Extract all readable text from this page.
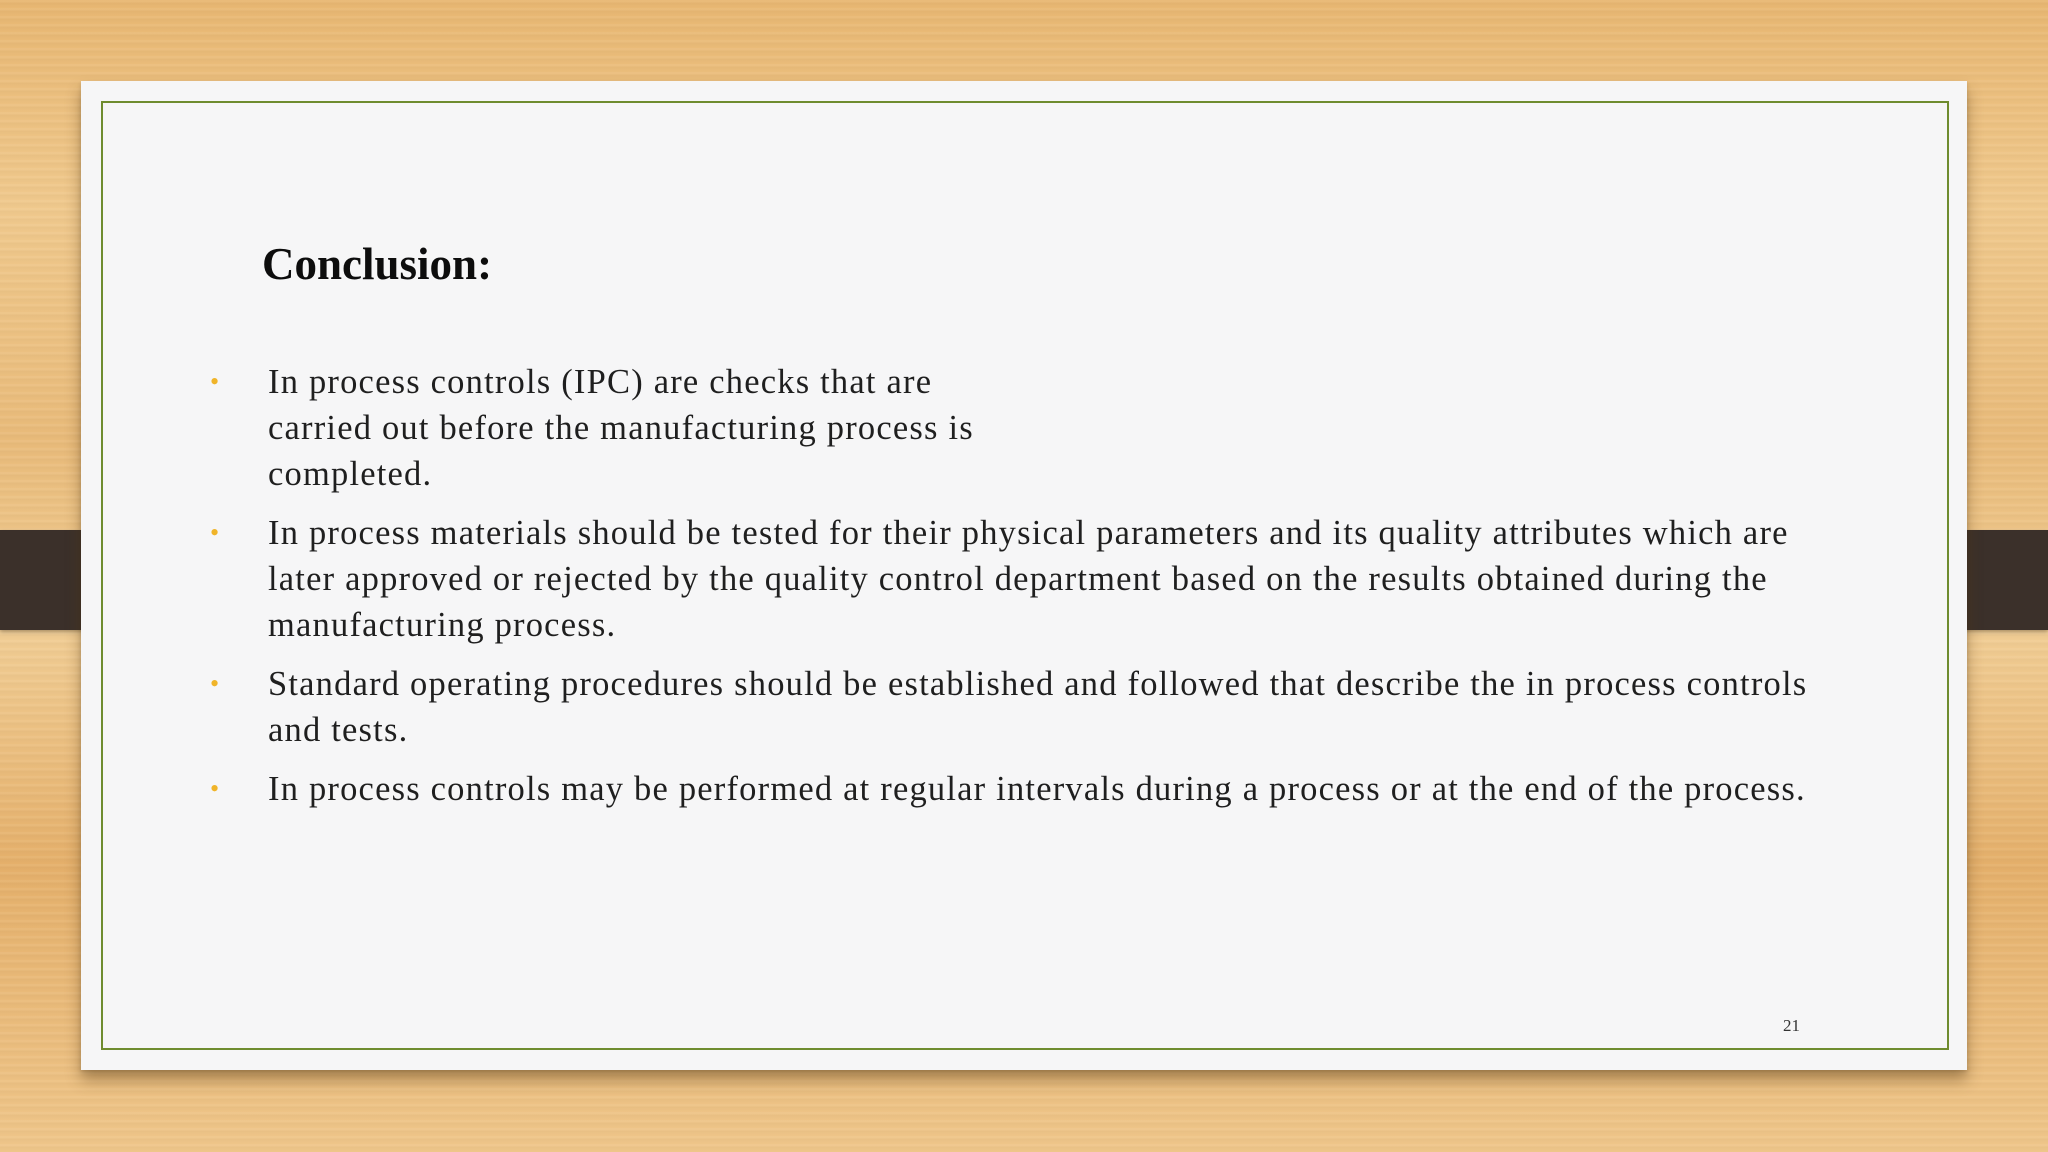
Conclusion:
• In process controls (IPC) are checks that are carried out before the manufacturing process is completed.
• In process materials should be tested for their physical parameters and its quality attributes which are later approved or rejected by the quality control department based on the results obtained during the manufacturing process.
• Standard operating procedures should be established and followed that describe the in process controls and tests.
• In process controls may be performed at regular intervals during a process or at the end of the process.
21
